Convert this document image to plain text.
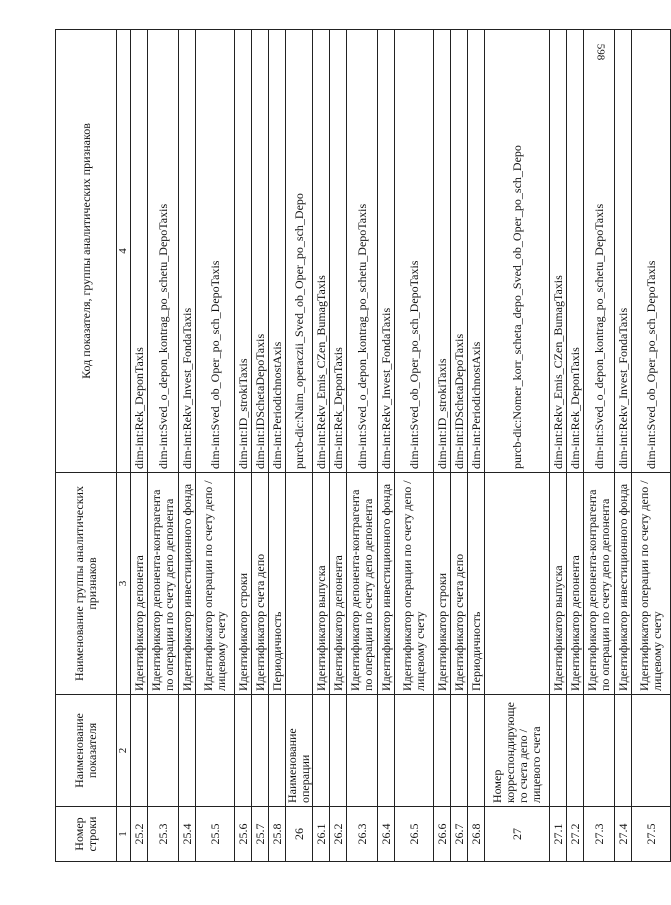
598
Номер строки	Наименование показателя	Наименование группы аналитических признаков	Код показателя, группы аналитических признаков
1	2	3	4
25.2		Идентификатор депонента	dim-int:Rek_DeponTaxis
25.3		Идентификатор депонента-контрагента по операции по счету депо депонента	dim-int:Sved_o_depon_kontrag_po_schetu_DepoTaxis
25.4		Идентификатор инвестиционного фонда	dim-int:Rekv_Invest_FondaTaxis
25.5		Идентификатор операции по счету депо / лицевому счету	dim-int:Sved_ob_Oper_po_sch_DepoTaxis
25.6		Идентификатор строки	dim-int:ID_strokiTaxis
25.7		Идентификатор счета депо	dim-int:IDSchetaDepoTaxis
25.8		Периодичность	dim-int:PeriodichnostAxis
26	Наименование операции		purcb-dic:Naim_operaczii_Sved_ob_Oper_po_sch_Depo
26.1		Идентификатор выпуска	dim-int:Rekv_Emis_CZen_BumagTaxis
26.2		Идентификатор депонента	dim-int:Rek_DeponTaxis
26.3		Идентификатор депонента-контрагента по операции по счету депо депонента	dim-int:Sved_o_depon_kontrag_po_schetu_DepoTaxis
26.4		Идентификатор инвестиционного фонда	dim-int:Rekv_Invest_FondaTaxis
26.5		Идентификатор операции по счету депо / лицевому счету	dim-int:Sved_ob_Oper_po_sch_DepoTaxis
26.6		Идентификатор строки	dim-int:ID_strokiTaxis
26.7		Идентификатор счета депо	dim-int:IDSchetaDepoTaxis
26.8		Периодичность	dim-int:PeriodichnostAxis
27	Номер корреспондирующего счета депо / лицевого счета		purcb-dic:Nomer_korr_scheta_depo_Sved_ob_Oper_po_sch_Depo
27.1		Идентификатор выпуска	dim-int:Rekv_Emis_CZen_BumagTaxis
27.2		Идентификатор депонента	dim-int:Rek_DeponTaxis
27.3		Идентификатор депонента-контрагента по операции по счету депо депонента	dim-int:Sved_o_depon_kontrag_po_schetu_DepoTaxis
27.4		Идентификатор инвестиционного фонда	dim-int:Rekv_Invest_FondaTaxis
27.5		Идентификатор операции по счету депо / лицевому счету	dim-int:Sved_ob_Oper_po_sch_DepoTaxis
